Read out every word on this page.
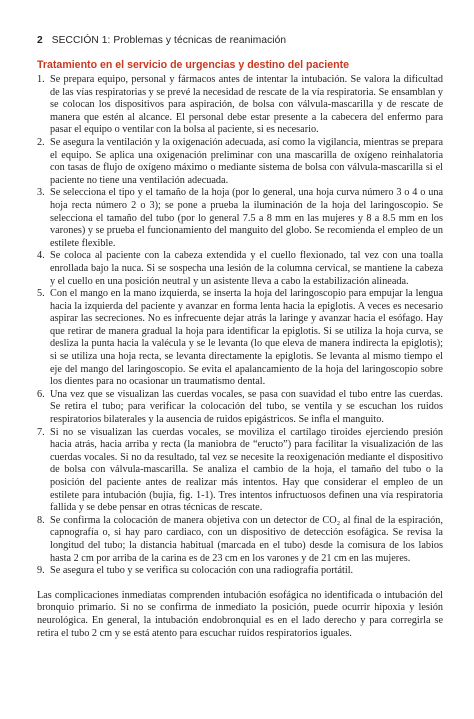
2 SECCIÓN 1: Problemas y técnicas de reanimación
Tratamiento en el servicio de urgencias y destino del paciente
1. Se prepara equipo, personal y fármacos antes de intentar la intubación. Se valora la dificultad de las vías respiratorias y se prevé la necesidad de rescate de la vía respiratoria. Se ensamblan y se colocan los dispositivos para aspiración, de bolsa con válvula-mascarilla y de rescate de manera que estén al alcance. El personal debe estar presente a la cabecera del enfermo para pasar el equipo o ventilar con la bolsa al paciente, si es necesario.
2. Se asegura la ventilación y la oxigenación adecuada, así como la vigilancia, mientras se prepara el equipo. Se aplica una oxigenación preliminar con una mascarilla de oxígeno reinhalatoria con tasas de flujo de oxígeno máximo o mediante sistema de bolsa con válvula-mascarilla si el paciente no tiene una ventilación adecuada.
3. Se selecciona el tipo y el tamaño de la hoja (por lo general, una hoja curva número 3 o 4 o una hoja recta número 2 o 3); se pone a prueba la iluminación de la hoja del laringoscopio. Se selecciona el tamaño del tubo (por lo general 7.5 a 8 mm en las mujeres y 8 a 8.5 mm en los varones) y se prueba el funcionamiento del manguito del globo. Se recomienda el empleo de un estilete flexible.
4. Se coloca al paciente con la cabeza extendida y el cuello flexionado, tal vez con una toalla enrollada bajo la nuca. Si se sospecha una lesión de la columna cervical, se mantiene la cabeza y el cuello en una posición neutral y un asistente lleva a cabo la estabilización alineada.
5. Con el mango en la mano izquierda, se inserta la hoja del laringoscopio para empujar la lengua hacia la izquierda del paciente y avanzar en forma lenta hacia la epiglotis. A veces es necesario aspirar las secreciones. No es infrecuente dejar atrás la laringe y avanzar hacia el esófago. Hay que retirar de manera gradual la hoja para identificar la epiglotis. Si se utiliza la hoja curva, se desliza la punta hacia la valécula y se le levanta (lo que eleva de manera indirecta la epiglotis); si se utiliza una hoja recta, se levanta directamente la epiglotis. Se levanta al mismo tiempo el eje del mango del laringoscopio. Se evita el apalancamiento de la hoja del laringoscopio sobre los dientes para no ocasionar un traumatismo dental.
6. Una vez que se visualizan las cuerdas vocales, se pasa con suavidad el tubo entre las cuerdas. Se retira el tubo; para verificar la colocación del tubo, se ventila y se escuchan los ruidos respiratorios bilaterales y la ausencia de ruidos epigástricos. Se infla el manguito.
7. Si no se visualizan las cuerdas vocales, se moviliza el cartílago tiroides ejerciendo presión hacia atrás, hacia arriba y recta (la maniobra de “eructo”) para facilitar la visualización de las cuerdas vocales. Si no da resultado, tal vez se necesite la reoxigenación mediante el dispositivo de bolsa con válvula-mascarilla. Se analiza el cambio de la hoja, el tamaño del tubo o la posición del paciente antes de realizar más intentos. Hay que considerar el empleo de un estilete para intubación (bujía, fig. 1-1). Tres intentos infructuosos definen una vía respiratoria fallida y se debe pensar en otras técnicas de rescate.
8. Se confirma la colocación de manera objetiva con un detector de CO₂ al final de la espiración, capnografía o, si hay paro cardiaco, con un dispositivo de detección esofágica. Se revisa la longitud del tubo; la distancia habitual (marcada en el tubo) desde la comisura de los labios hasta 2 cm por arriba de la carina es de 23 cm en los varones y de 21 cm en las mujeres.
9. Se asegura el tubo y se verifica su colocación con una radiografía portátil.

Las complicaciones inmediatas comprenden intubación esofágica no identificada o intubación del bronquio primario. Si no se confirma de inmediato la posición, puede ocurrir hipoxia y lesión neurológica. En general, la intubación endobronquial es en el lado derecho y para corregirla se retira el tubo 2 cm y se está atento para escuchar ruidos respiratorios iguales.
